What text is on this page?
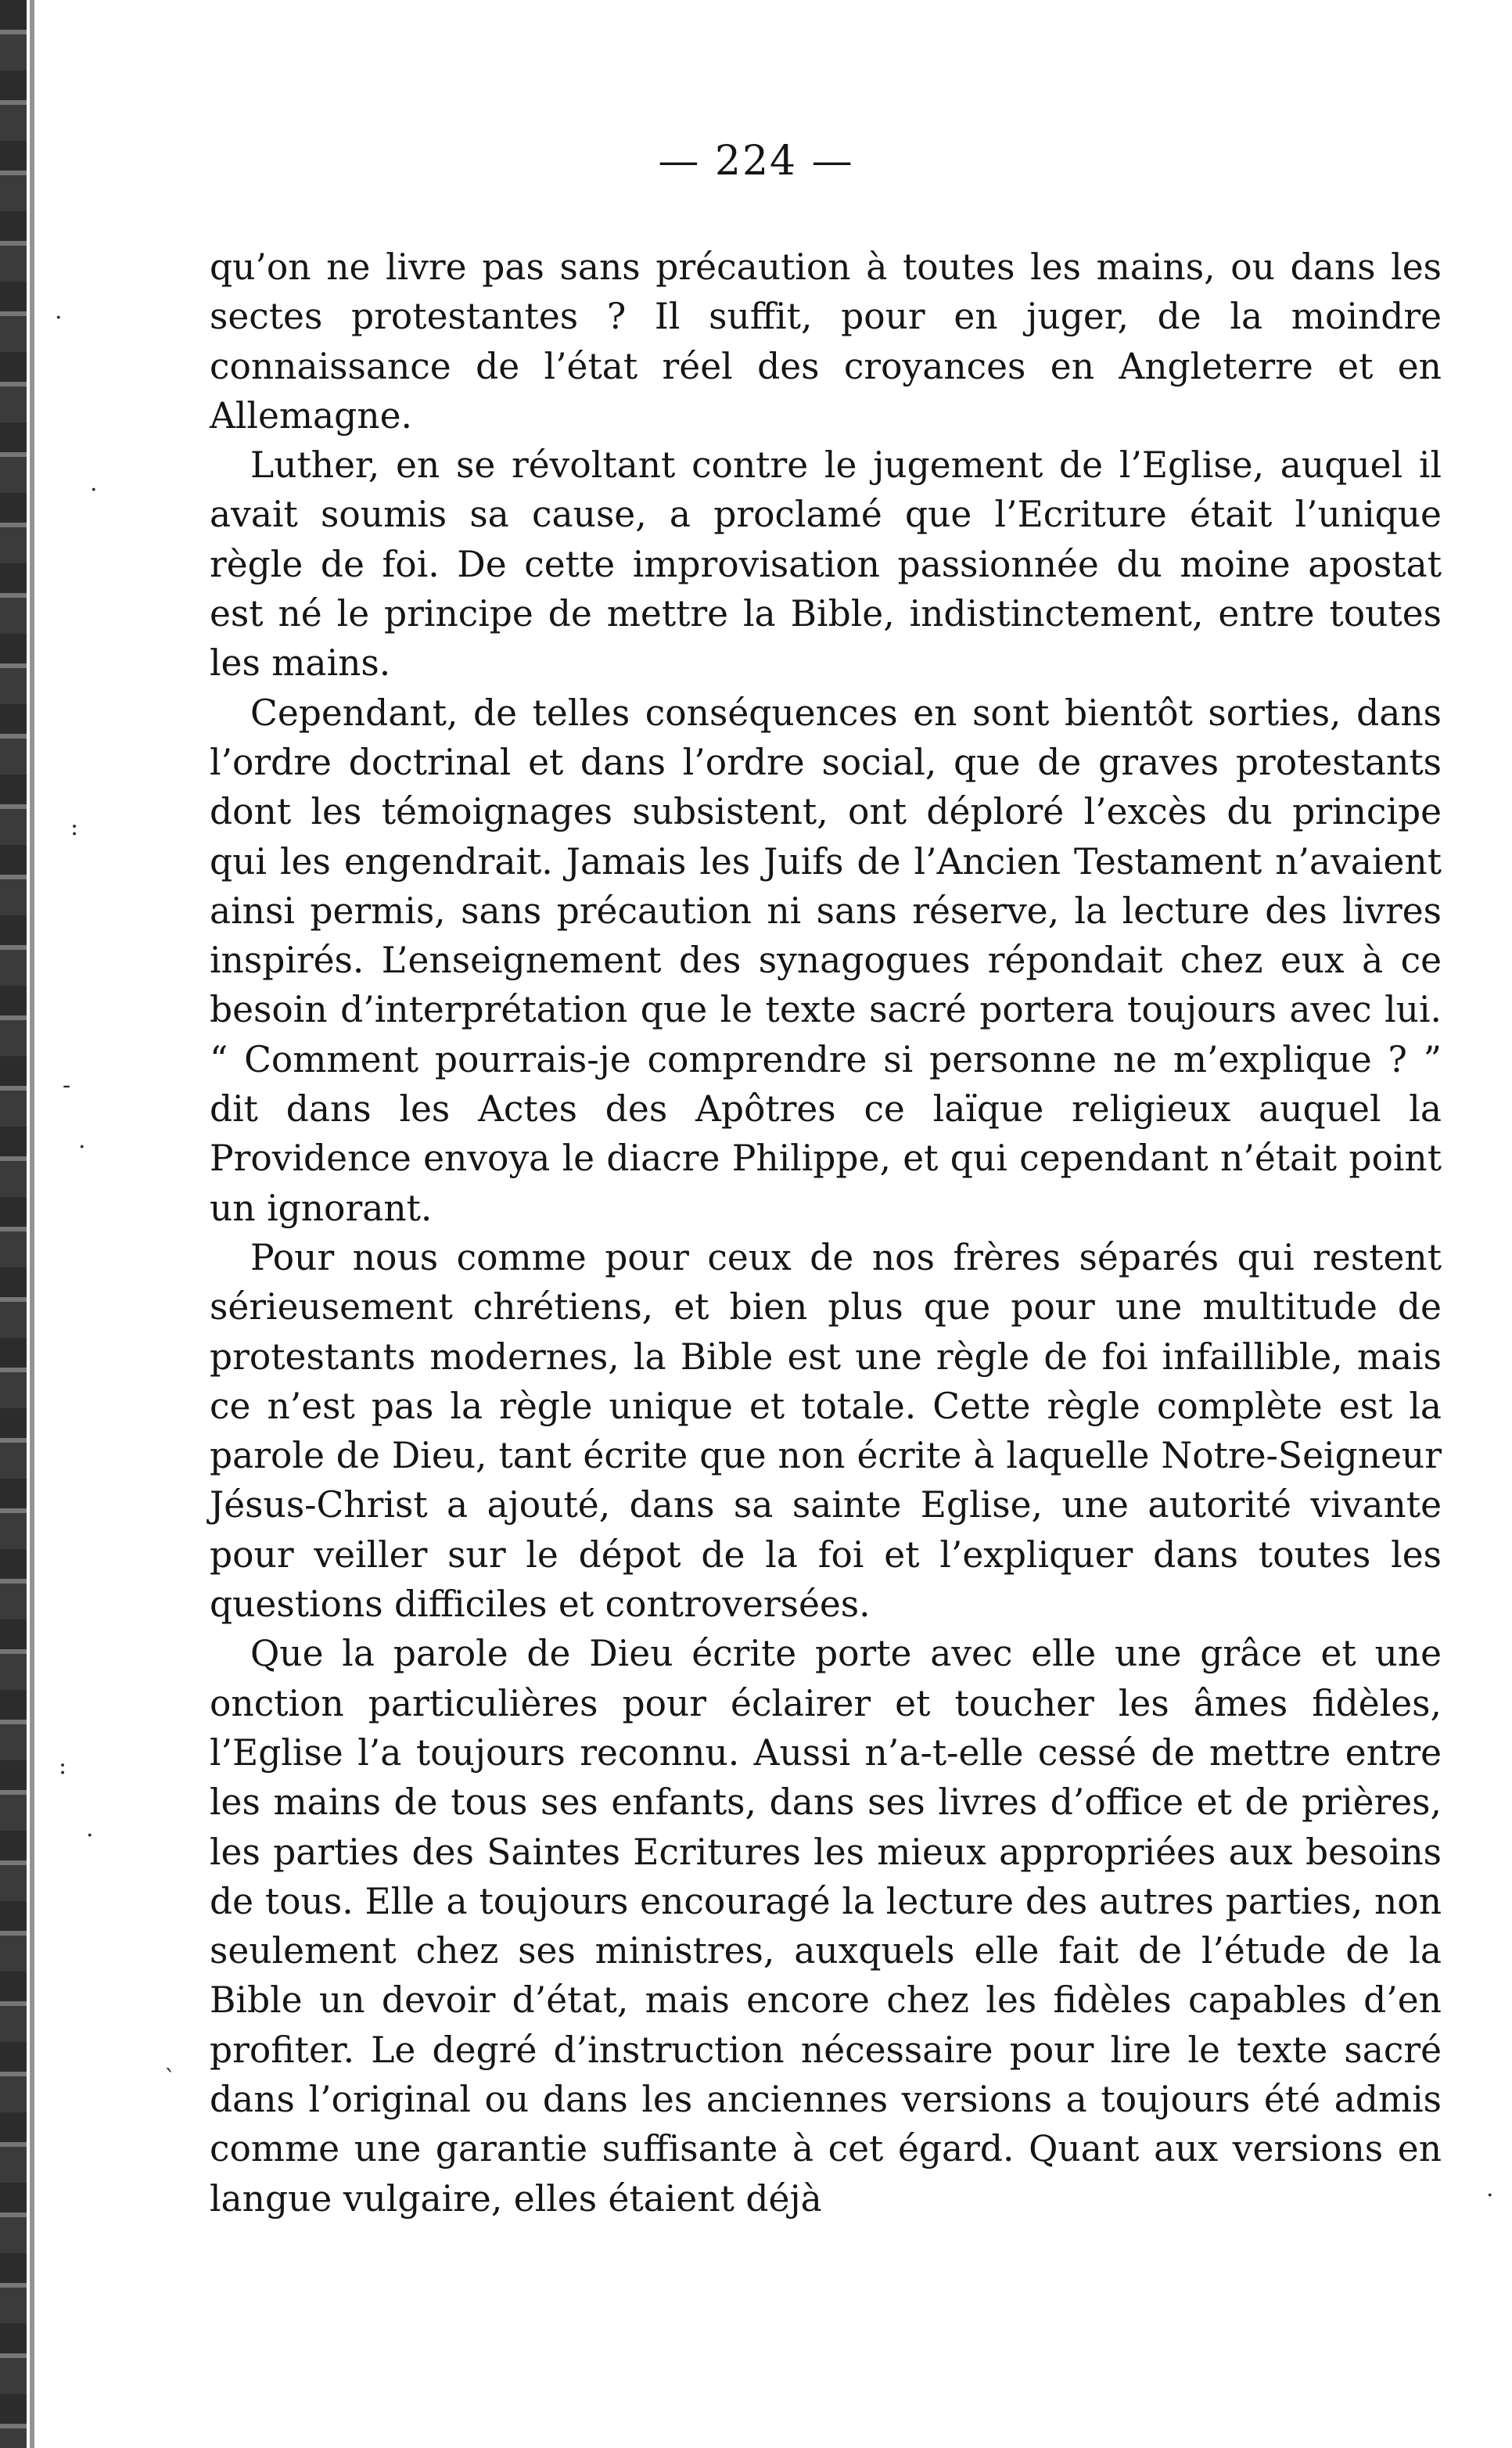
— 224 —

qu’on ne livre pas sans précaution à toutes les mains, ou dans les sectes protestantes ? Il suffit, pour en juger, de la moindre connaissance de l’état réel des croyances en Angleterre et en Allemagne.

Luther, en se révoltant contre le jugement de l’Eglise, auquel il avait soumis sa cause, a proclamé que l’Ecriture était l’unique règle de foi. De cette improvisation passionnée du moine apostat est né le principe de mettre la Bible, indistinctement, entre toutes les mains.

Cependant, de telles conséquences en sont bientôt sorties, dans l’ordre doctrinal et dans l’ordre social, que de graves protestants dont les témoignages subsistent, ont déploré l’excès du principe qui les engendrait. Jamais les Juifs de l’Ancien Testament n’avaient ainsi permis, sans précaution ni sans réserve, la lecture des livres inspirés. L’enseignement des synagogues répondait chez eux à ce besoin d’interprétation que le texte sacré portera toujours avec lui. “ Comment pourrais-je comprendre si personne ne m’explique ? ” dit dans les Actes des Apôtres ce laïque religieux auquel la Providence envoya le diacre Philippe, et qui cependant n’était point un ignorant.

Pour nous comme pour ceux de nos frères séparés qui restent sérieusement chrétiens, et bien plus que pour une multitude de protestants modernes, la Bible est une règle de foi infaillible, mais ce n’est pas la règle unique et totale. Cette règle complète est la parole de Dieu, tant écrite que non écrite à laquelle Notre-Seigneur Jésus-Christ a ajouté, dans sa sainte Eglise, une autorité vivante pour veiller sur le dépot de la foi et l’expliquer dans toutes les questions difficiles et controversées.

Que la parole de Dieu écrite porte avec elle une grâce et une onction particulières pour éclairer et toucher les âmes fidèles, l’Eglise l’a toujours reconnu. Aussi n’a-t-elle cessé de mettre entre les mains de tous ses enfants, dans ses livres d’office et de prières, les parties des Saintes Ecritures les mieux appropriées aux besoins de tous. Elle a toujours encouragé la lecture des autres parties, non seulement chez ses ministres, auxquels elle fait de l’étude de la Bible un devoir d’état, mais encore chez les fidèles capables d’en profiter. Le degré d’instruction nécessaire pour lire le texte sacré dans l’original ou dans les anciennes versions a toujours été admis comme une garantie suffisante à cet égard. Quant aux versions en langue vulgaire, elles étaient déjà

.
.
:
-
.
:
.
`
.
